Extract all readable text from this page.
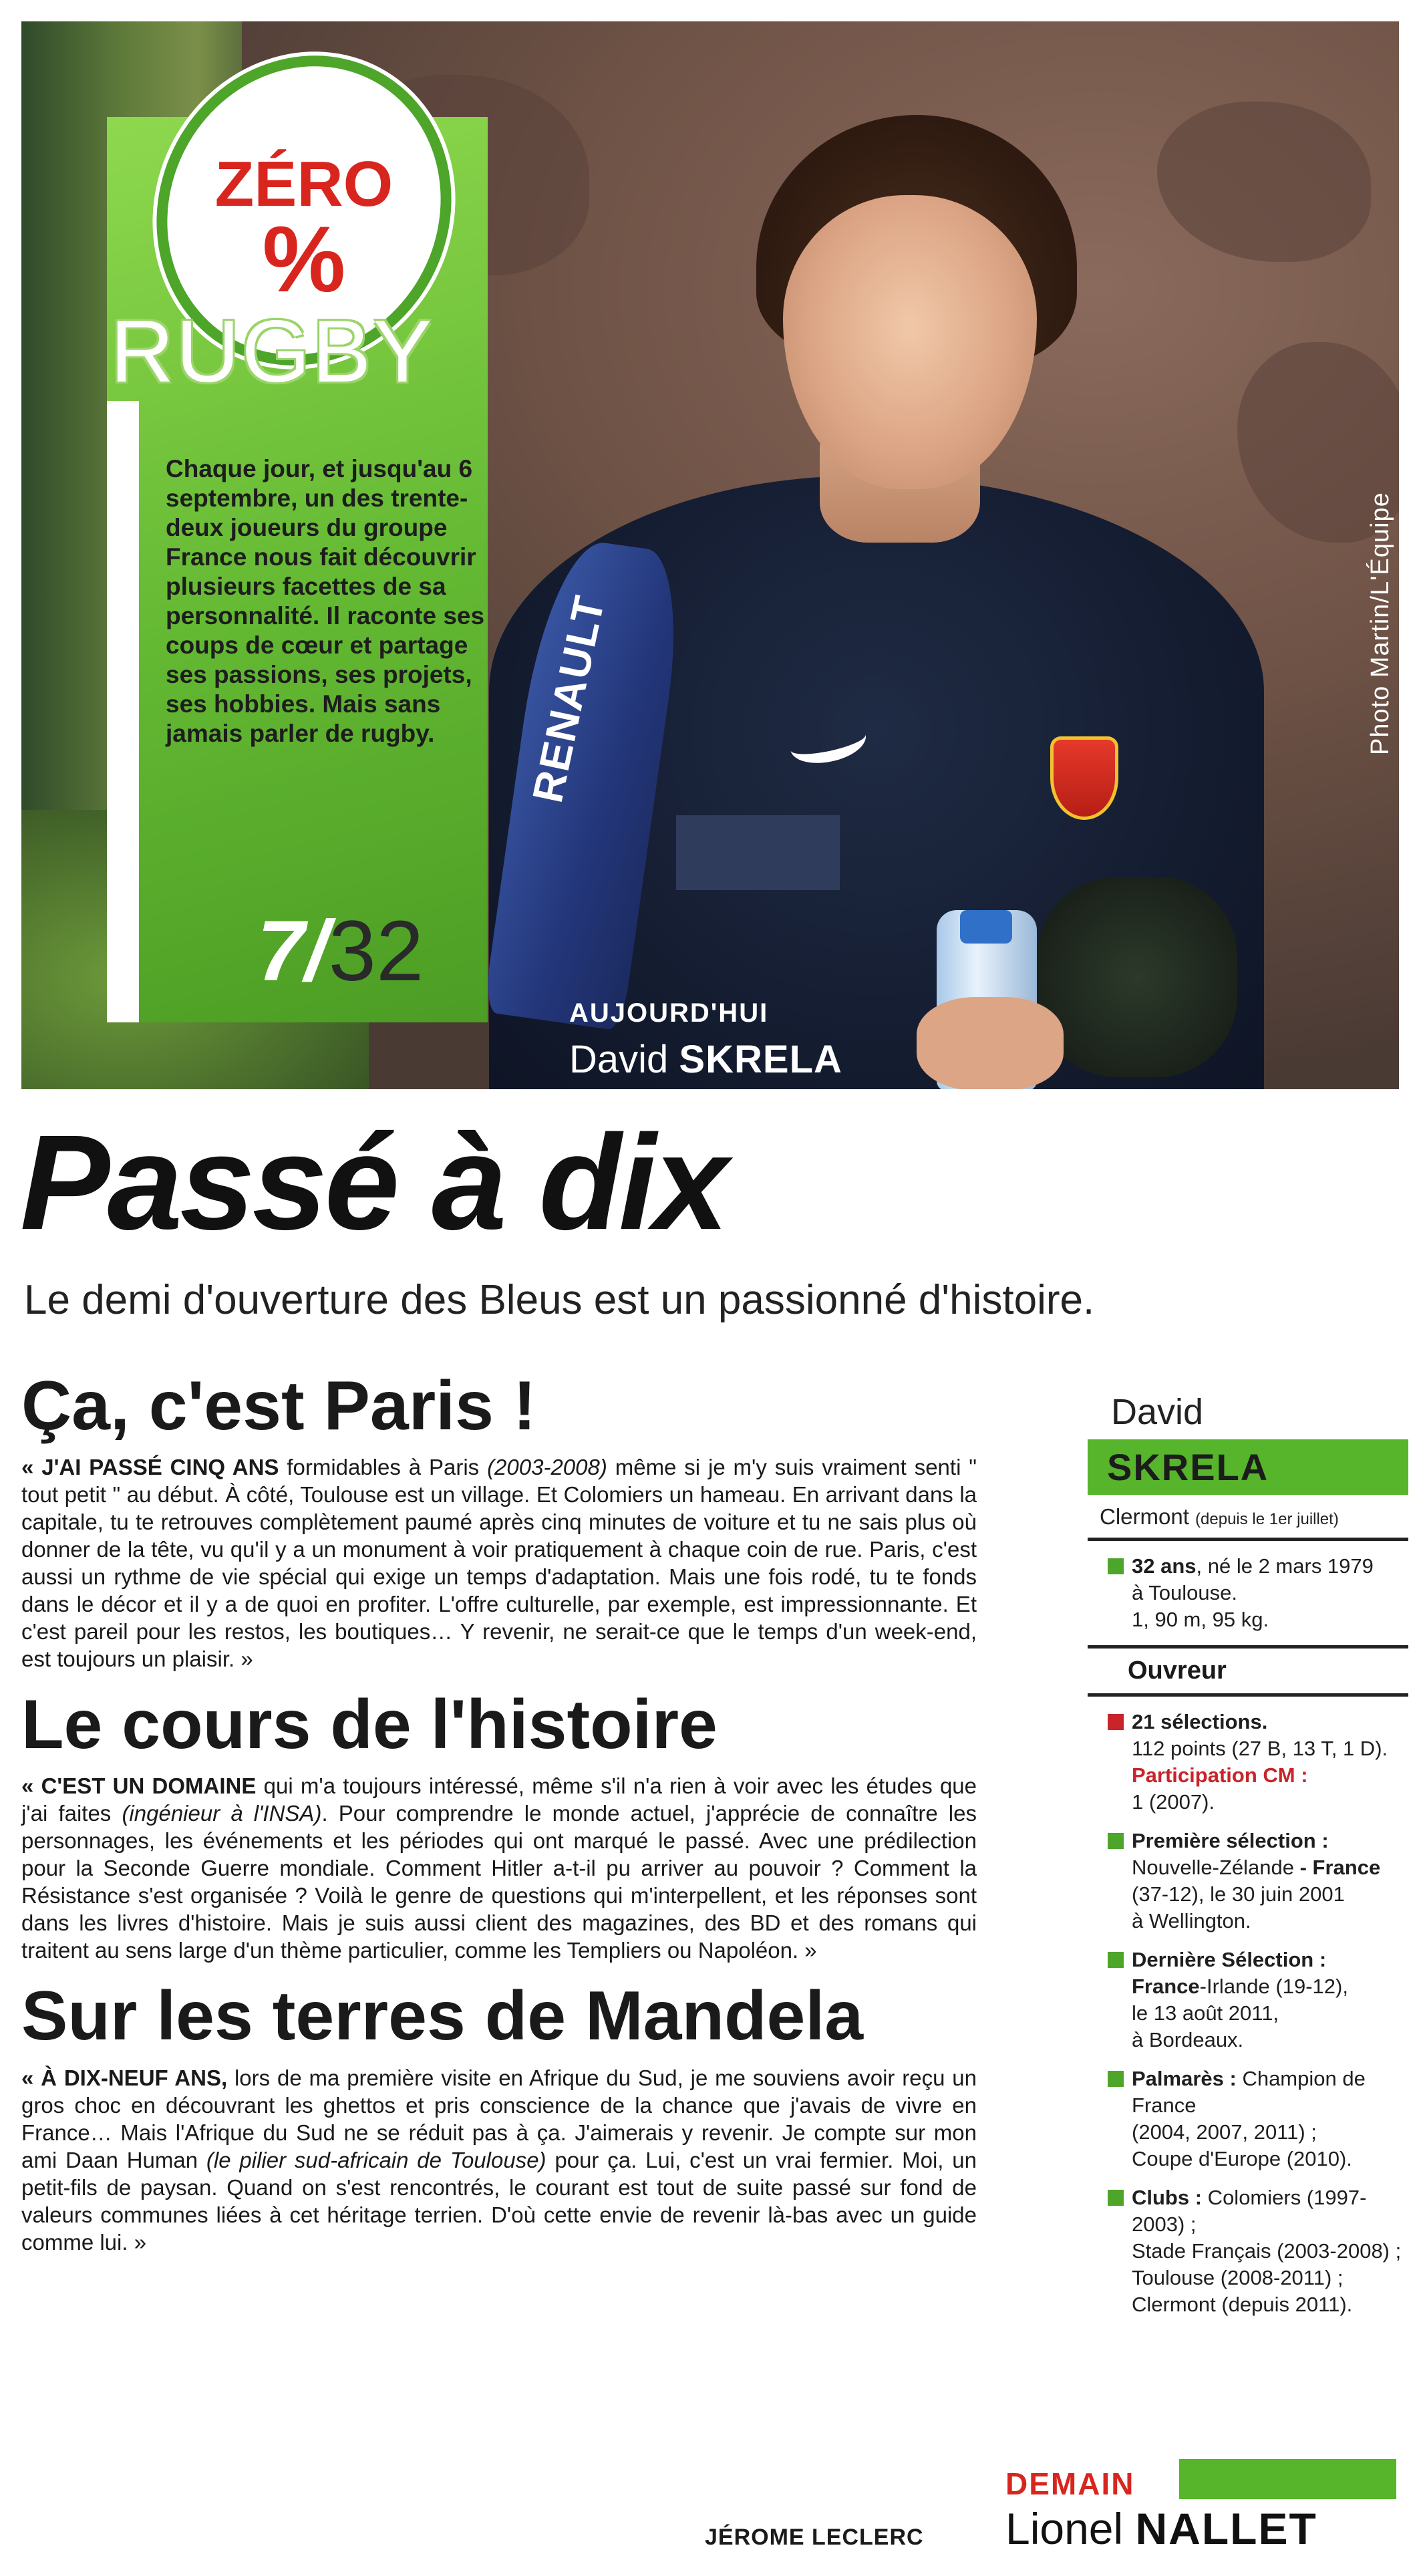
RENAULT
AUJOURD'HUI
David SKRELA
Photo Martin/L'Équipe
ZÉRO
%
RUGBY
Chaque jour, et jusqu'au 6 septembre, un des trente-deux joueurs du groupe France nous fait découvrir plusieurs facettes de sa personnalité. Il raconte ses coups de cœur et partage ses passions, ses projets, ses hobbies. Mais sans jamais parler de rugby.
7/32
Passé à dix
Le demi d'ouverture des Bleus est un passionné d'histoire.
Ça, c'est Paris !

« J'AI PASSÉ CINQ ANS formidables à Paris (2003-2008) même si je m'y suis vraiment senti " tout petit " au début. À côté, Toulouse est un village. Et Colomiers un hameau. En arrivant dans la capitale, tu te retrouves complètement paumé après cinq minutes de voiture et tu ne sais plus où donner de la tête, vu qu'il y a un monument à voir pratiquement à chaque coin de rue. Paris, c'est aussi un rythme de vie spécial qui exige un temps d'adaptation. Mais une fois rodé, tu te fonds dans le décor et il y a de quoi en profiter. L'offre culturelle, par exemple, est impressionnante. Et c'est pareil pour les restos, les boutiques… Y revenir, ne serait-ce que le temps d'un week-end, est toujours un plaisir. »

Le cours de l'histoire

« C'EST UN DOMAINE qui m'a toujours intéressé, même s'il n'a rien à voir avec les études que j'ai faites (ingénieur à l'INSA). Pour comprendre le monde actuel, j'apprécie de connaître les personnages, les événements et les périodes qui ont marqué le passé. Avec une prédilection pour la Seconde Guerre mondiale. Comment Hitler a-t-il pu arriver au pouvoir ? Comment la Résistance s'est organisée ? Voilà le genre de questions qui m'interpellent, et les réponses sont dans les livres d'histoire. Mais je suis aussi client des magazines, des BD et des romans qui traitent au sens large d'un thème particulier, comme les Templiers ou Napoléon. »

Sur les terres de Mandela

« À DIX-NEUF ANS, lors de ma première visite en Afrique du Sud, je me souviens avoir reçu un gros choc en découvrant les ghettos et pris conscience de la chance que j'avais de vivre en France… Mais l'Afrique du Sud ne se réduit pas à ça. J'aimerais y revenir. Je compte sur mon ami Daan Human (le pilier sud-africain de Toulouse) pour ça. Lui, c'est un vrai fermier. Moi, un petit-fils de paysan. Quand on s'est rencontrés, le courant est tout de suite passé sur fond de valeurs communes liées à cet héritage terrien. D'où cette envie de revenir là-bas avec un guide comme lui. »

JÉROME LECLERC
David
SKRELA
Clermont (depuis le 1er juillet)
32 ans, né le 2 mars 1979
à Toulouse.
1, 90 m, 95 kg.
Ouvreur
21 sélections.
112 points (27 B, 13 T, 1 D).
Participation CM :
1 (2007).
Première sélection :
Nouvelle-Zélande - France
(37-12), le 30 juin 2001
à Wellington.
Dernière Sélection :
France-Irlande (19-12),
le 13 août 2011,
à Bordeaux.
Palmarès : Champion de France
(2004, 2007, 2011) ;
Coupe d'Europe (2010).
Clubs : Colomiers (1997-2003) ;
Stade Français (2003-2008) ;
Toulouse (2008-2011) ;
Clermont (depuis 2011).
DEMAIN
Lionel NALLET
